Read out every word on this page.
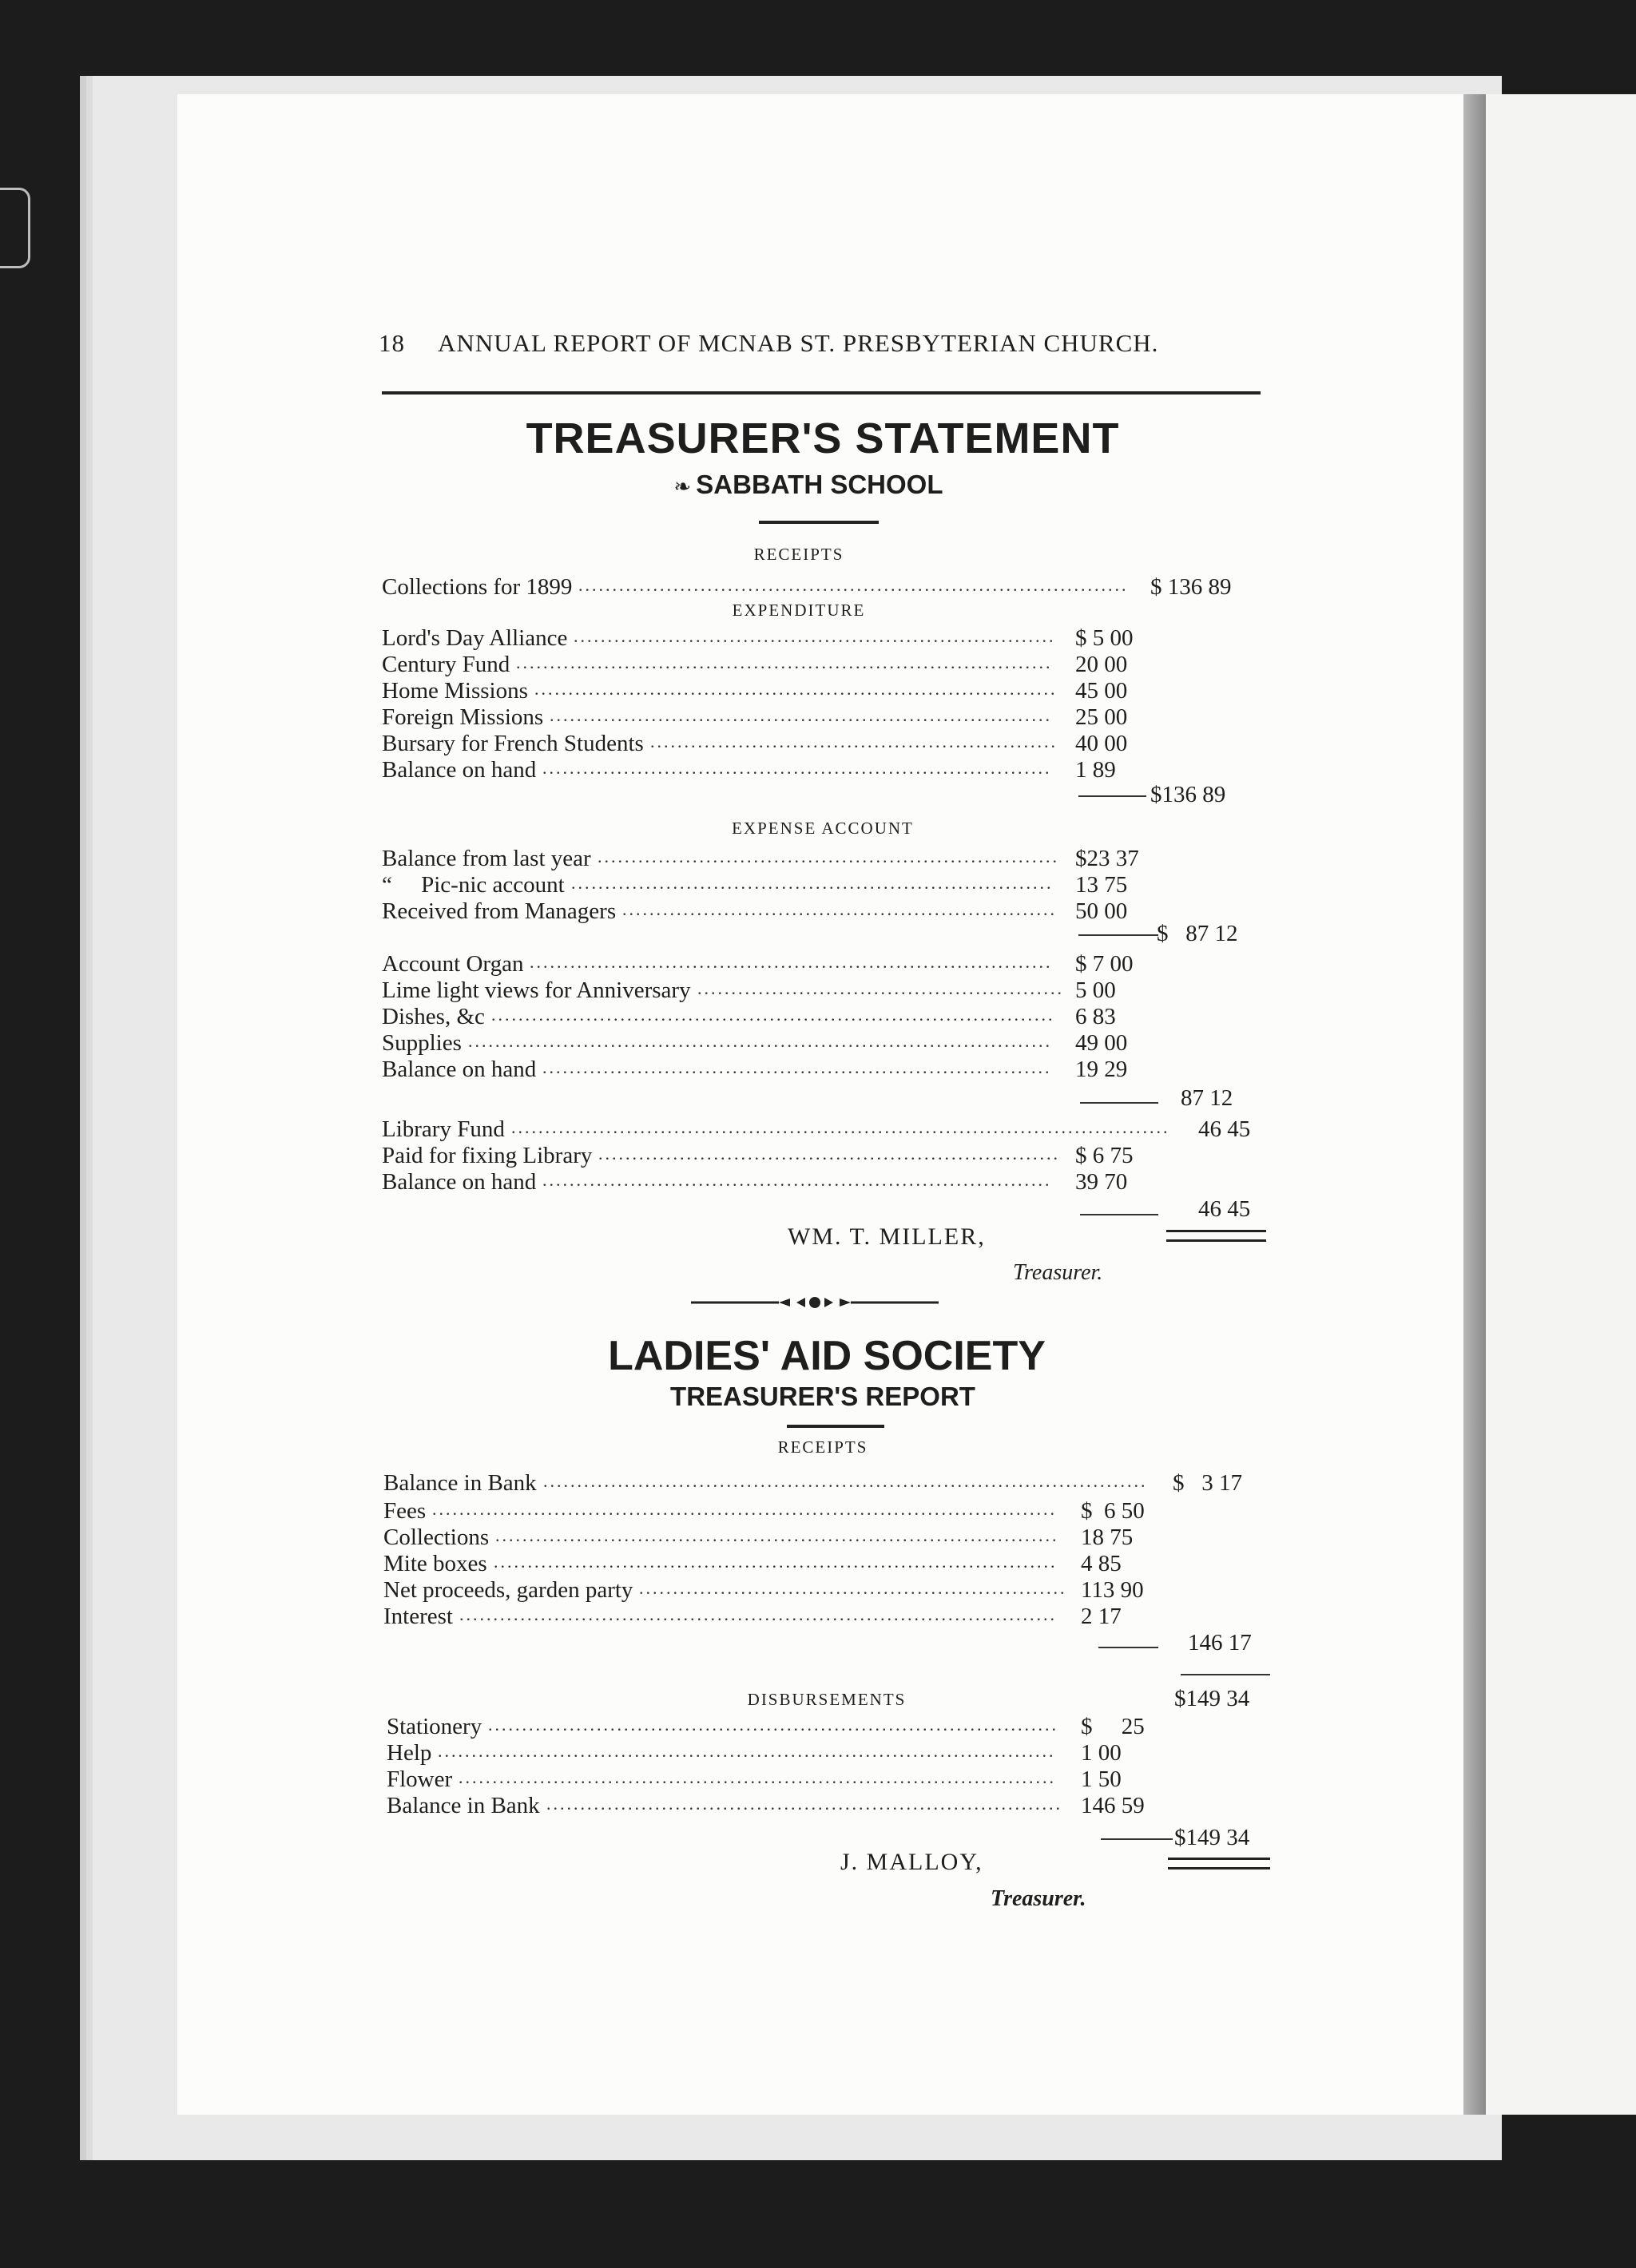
18 ANNUAL REPORT OF MCNAB ST. PRESBYTERIAN CHURCH.
TREASURER'S STATEMENT
❧ SABBATH SCHOOL
RECEIPTS
Collections for 1899 ................................................................................. $ 136 89
EXPENDITURE
Lord's Day Alliance ....................................................................... $ 5 00
Century Fund ............................................................................... 20 00
Home Missions ............................................................................. 45 00
Foreign Missions ..........................................................................	25 00
Bursary for French Students ............................................................ 40 00
Balance on hand ...........................................................................	1 89
$136 89
EXPENSE ACCOUNT
Balance from last year .................................................................... $23 37
“     Pic-nic account ....................................................................... 13 75
Received from Managers ................................................................ 50 00
$   87 12
Account Organ ............................................................................. $ 7 00
Lime light views for Anniversary ...................................................... 5 00
Dishes, &c ................................................................................... 6 83
Supplies ......................................................................................	49 00
Balance on hand ...........................................................................	19 29
87 12
Library Fund .................................................................................................	46 45
Paid for fixing Library .................................................................... $ 6 75
Balance on hand ...........................................................................	39 70
46 45
WM. T. MILLER,
Treasurer.
LADIES' AID SOCIETY
TREASURER'S REPORT
RECEIPTS
Balance in Bank .........................................................................................	$   3 17
Fees ............................................................................................	$  6 50
Collections ................................................................................... 18 75
Mite boxes ...................................................................................	4 85
Net proceeds, garden party ............................................................... 113 90
Interest ........................................................................................	2 17
146 17
DISBURSEMENTS	$149 34
Stationery .................................................................................... $     25
Help ...........................................................................................	1 00
Flower ........................................................................................	1 50
Balance in Bank ............................................................................ 146 59
$149 34
J. MALLOY,
Treasurer.
